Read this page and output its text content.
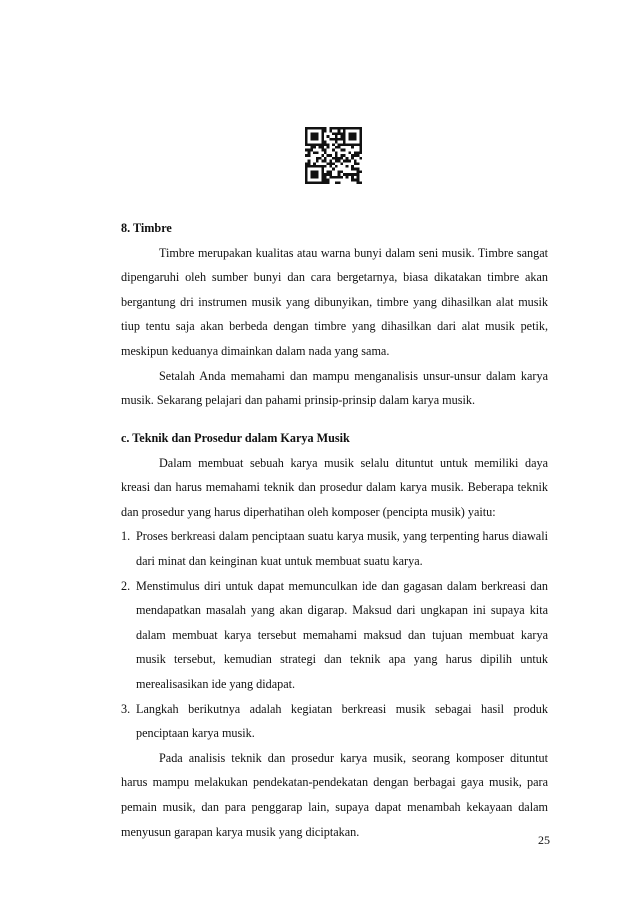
8. Timbre

Timbre merupakan kualitas atau warna bunyi dalam seni musik. Timbre sangat dipengaruhi oleh sumber bunyi dan cara bergetarnya, biasa dikatakan timbre akan bergantung dri instrumen musik yang dibunyikan, timbre yang dihasilkan alat musik tiup tentu saja akan berbeda dengan timbre yang dihasilkan dari alat musik petik, meskipun keduanya dimainkan dalam nada yang sama.

Setalah Anda memahami dan mampu menganalisis unsur-unsur dalam karya musik. Sekarang pelajari dan pahami prinsip-prinsip dalam karya musik.

c. Teknik dan Prosedur dalam Karya Musik

Dalam membuat sebuah karya musik selalu dituntut untuk memiliki daya kreasi dan harus memahami teknik dan prosedur dalam karya musik. Beberapa teknik dan prosedur yang harus diperhatihan oleh komposer (pencipta musik) yaitu:

1. Proses berkreasi dalam penciptaan suatu karya musik, yang terpenting harus diawali dari minat dan keinginan kuat untuk membuat suatu karya.
2. Menstimulus diri untuk dapat memunculkan ide dan gagasan dalam berkreasi dan mendapatkan masalah yang akan digarap. Maksud dari ungkapan ini supaya kita dalam membuat karya tersebut memahami maksud dan tujuan membuat karya musik tersebut, kemudian strategi dan teknik apa yang harus dipilih untuk merealisasikan ide yang didapat.
3. Langkah berikutnya adalah kegiatan berkreasi musik sebagai hasil produk penciptaan karya musik.

Pada analisis teknik dan prosedur karya musik, seorang komposer dituntut harus mampu melakukan pendekatan-pendekatan dengan berbagai gaya musik, para pemain musik, dan para penggarap lain, supaya dapat menambah kekayaan dalam menyusun garapan karya musik yang diciptakan.

25
